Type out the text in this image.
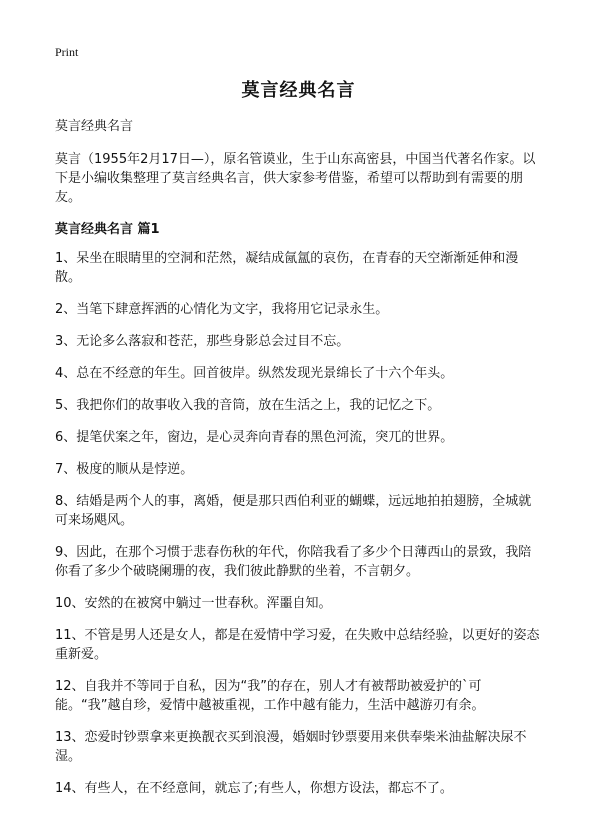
Print
莫言经典名言
莫言经典名言

莫言（1955年2月17日—），原名管谟业，生于山东高密县，中国当代著名作家。以下是小编收集整理了莫言经典名言，供大家参考借鉴，希望可以帮助到有需要的朋友。

莫言经典名言 篇1
1、呆坐在眼睛里的空洞和茫然，凝结成氤氲的哀伤，在青春的天空渐渐延伸和漫散。
2、当笔下肆意挥洒的心情化为文字，我将用它记录永生。
3、无论多么落寂和苍茫，那些身影总会过目不忘。
4、总在不经意的年生。回首彼岸。纵然发现光景绵长了十六个年头。
5、我把你们的故事收入我的音筒，放在生活之上，我的记忆之下。
6、提笔伏案之年，窗边，是心灵奔向青春的黑色河流，突兀的世界。
7、极度的顺从是悖逆。
8、结婚是两个人的事，离婚，便是那只西伯利亚的蝴蝶，远远地拍拍翅膀，全城就可来场飓风。
9、因此，在那个习惯于悲春伤秋的年代，你陪我看了多少个日薄西山的景致，我陪你看了多少个破晓阑珊的夜，我们彼此静默的坐着，不言朝夕。
10、安然的在被窝中躺过一世春秋。浑噩自知。
11、不管是男人还是女人，都是在爱情中学习爱，在失败中总结经验，以更好的姿态重新爱。
12、自我并不等同于自私，因为“我”的存在，别人才有被帮助被爱护的`可能。“我”越自珍，爱情中越被重视，工作中越有能力，生活中越游刃有余。
13、恋爱时钞票拿来更换靓衣买到浪漫，婚姻时钞票要用来供奉柴米油盐解决尿不湿。
14、有些人，在不经意间，就忘了;有些人，你想方设法，都忘不了。
